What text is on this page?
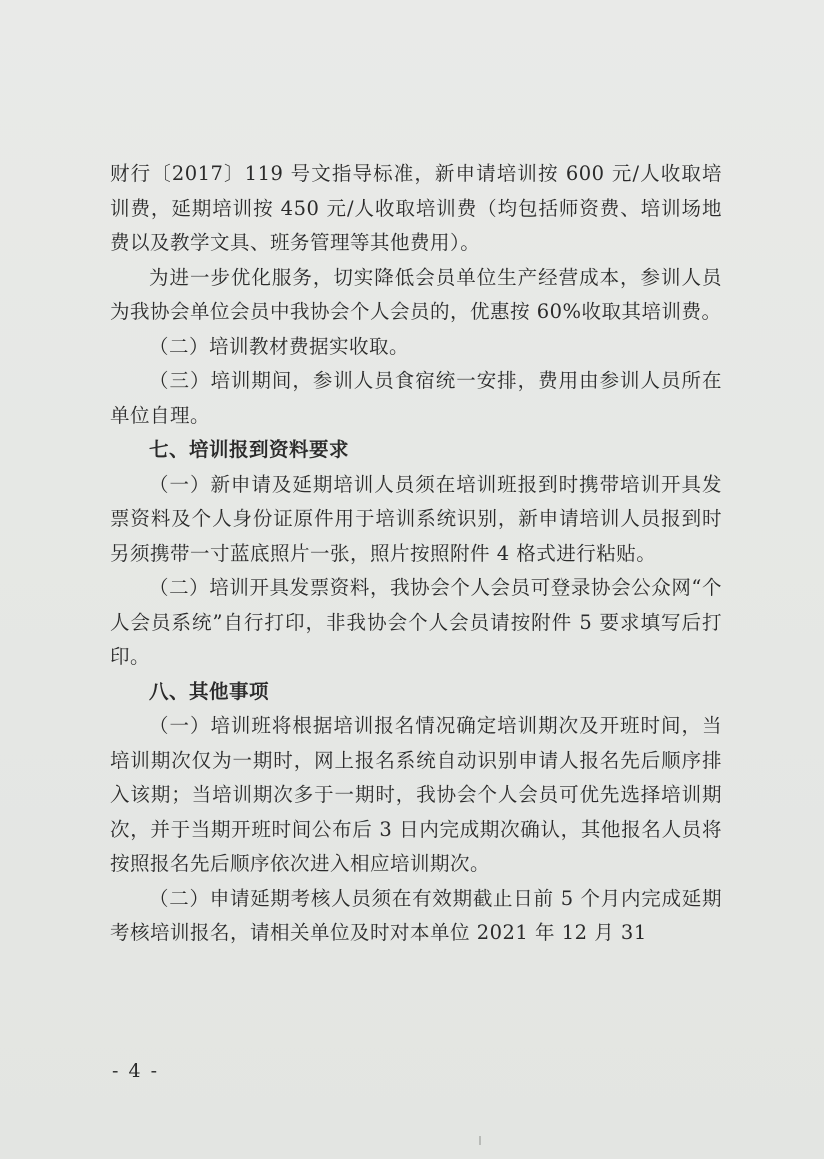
财行〔2017〕119 号文指导标准，新申请培训按 600 元/人收取培训费，延期培训按 450 元/人收取培训费（均包括师资费、培训场地费以及教学文具、班务管理等其他费用）。

为进一步优化服务，切实降低会员单位生产经营成本，参训人员为我协会单位会员中我协会个人会员的，优惠按 60%收取其培训费。

（二）培训教材费据实收取。

（三）培训期间，参训人员食宿统一安排，费用由参训人员所在单位自理。

七、培训报到资料要求

（一）新申请及延期培训人员须在培训班报到时携带培训开具发票资料及个人身份证原件用于培训系统识别，新申请培训人员报到时另须携带一寸蓝底照片一张，照片按照附件 4 格式进行粘贴。

（二）培训开具发票资料，我协会个人会员可登录协会公众网“个人会员系统”自行打印，非我协会个人会员请按附件 5 要求填写后打印。

八、其他事项

（一）培训班将根据培训报名情况确定培训期次及开班时间，当培训期次仅为一期时，网上报名系统自动识别申请人报名先后顺序排入该期；当培训期次多于一期时，我协会个人会员可优先选择培训期次，并于当期开班时间公布后 3 日内完成期次确认，其他报名人员将按照报名先后顺序依次进入相应培训期次。

（二）申请延期考核人员须在有效期截止日前 5 个月内完成延期考核培训报名，请相关单位及时对本单位 2021 年 12 月 31

- 4 -
